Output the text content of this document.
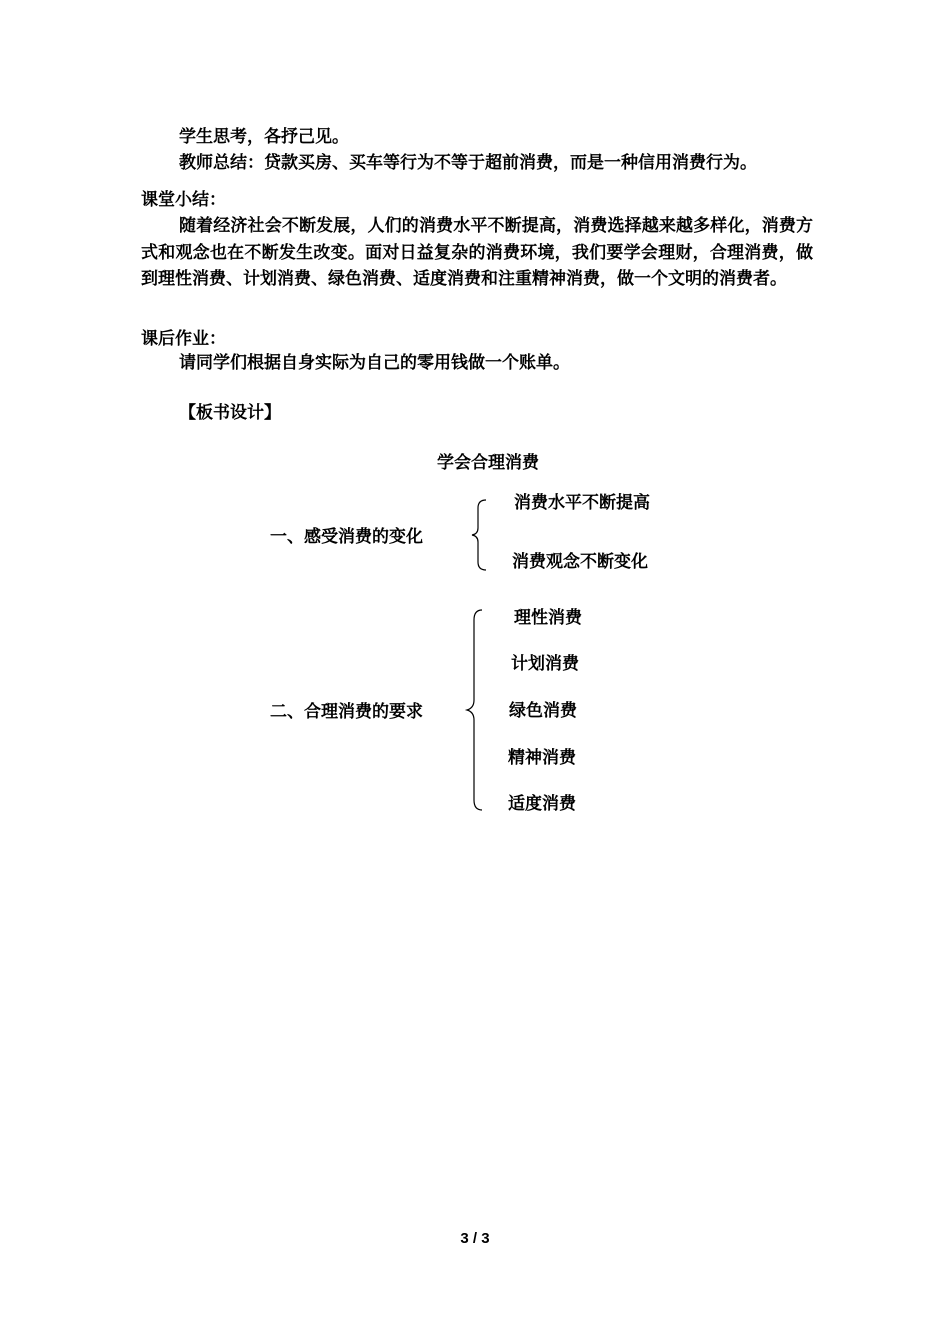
学生思考，各抒己见。
教师总结：贷款买房、买车等行为不等于超前消费，而是一种信用消费行为。
课堂小结：
随着经济社会不断发展，人们的消费水平不断提高，消费选择越来越多样化，消费方式和观念也在不断发生改变。面对日益复杂的消费环境，我们要学会理财，合理消费，做到理性消费、计划消费、绿色消费、适度消费和注重精神消费，做一个文明的消费者。
课后作业：
请同学们根据自身实际为自己的零用钱做一个账单。
【板书设计】
学会合理消费
一、感受消费的变化
消费水平不断提高
消费观念不断变化
二、合理消费的要求
理性消费
计划消费
绿色消费
精神消费
适度消费
3 / 3
